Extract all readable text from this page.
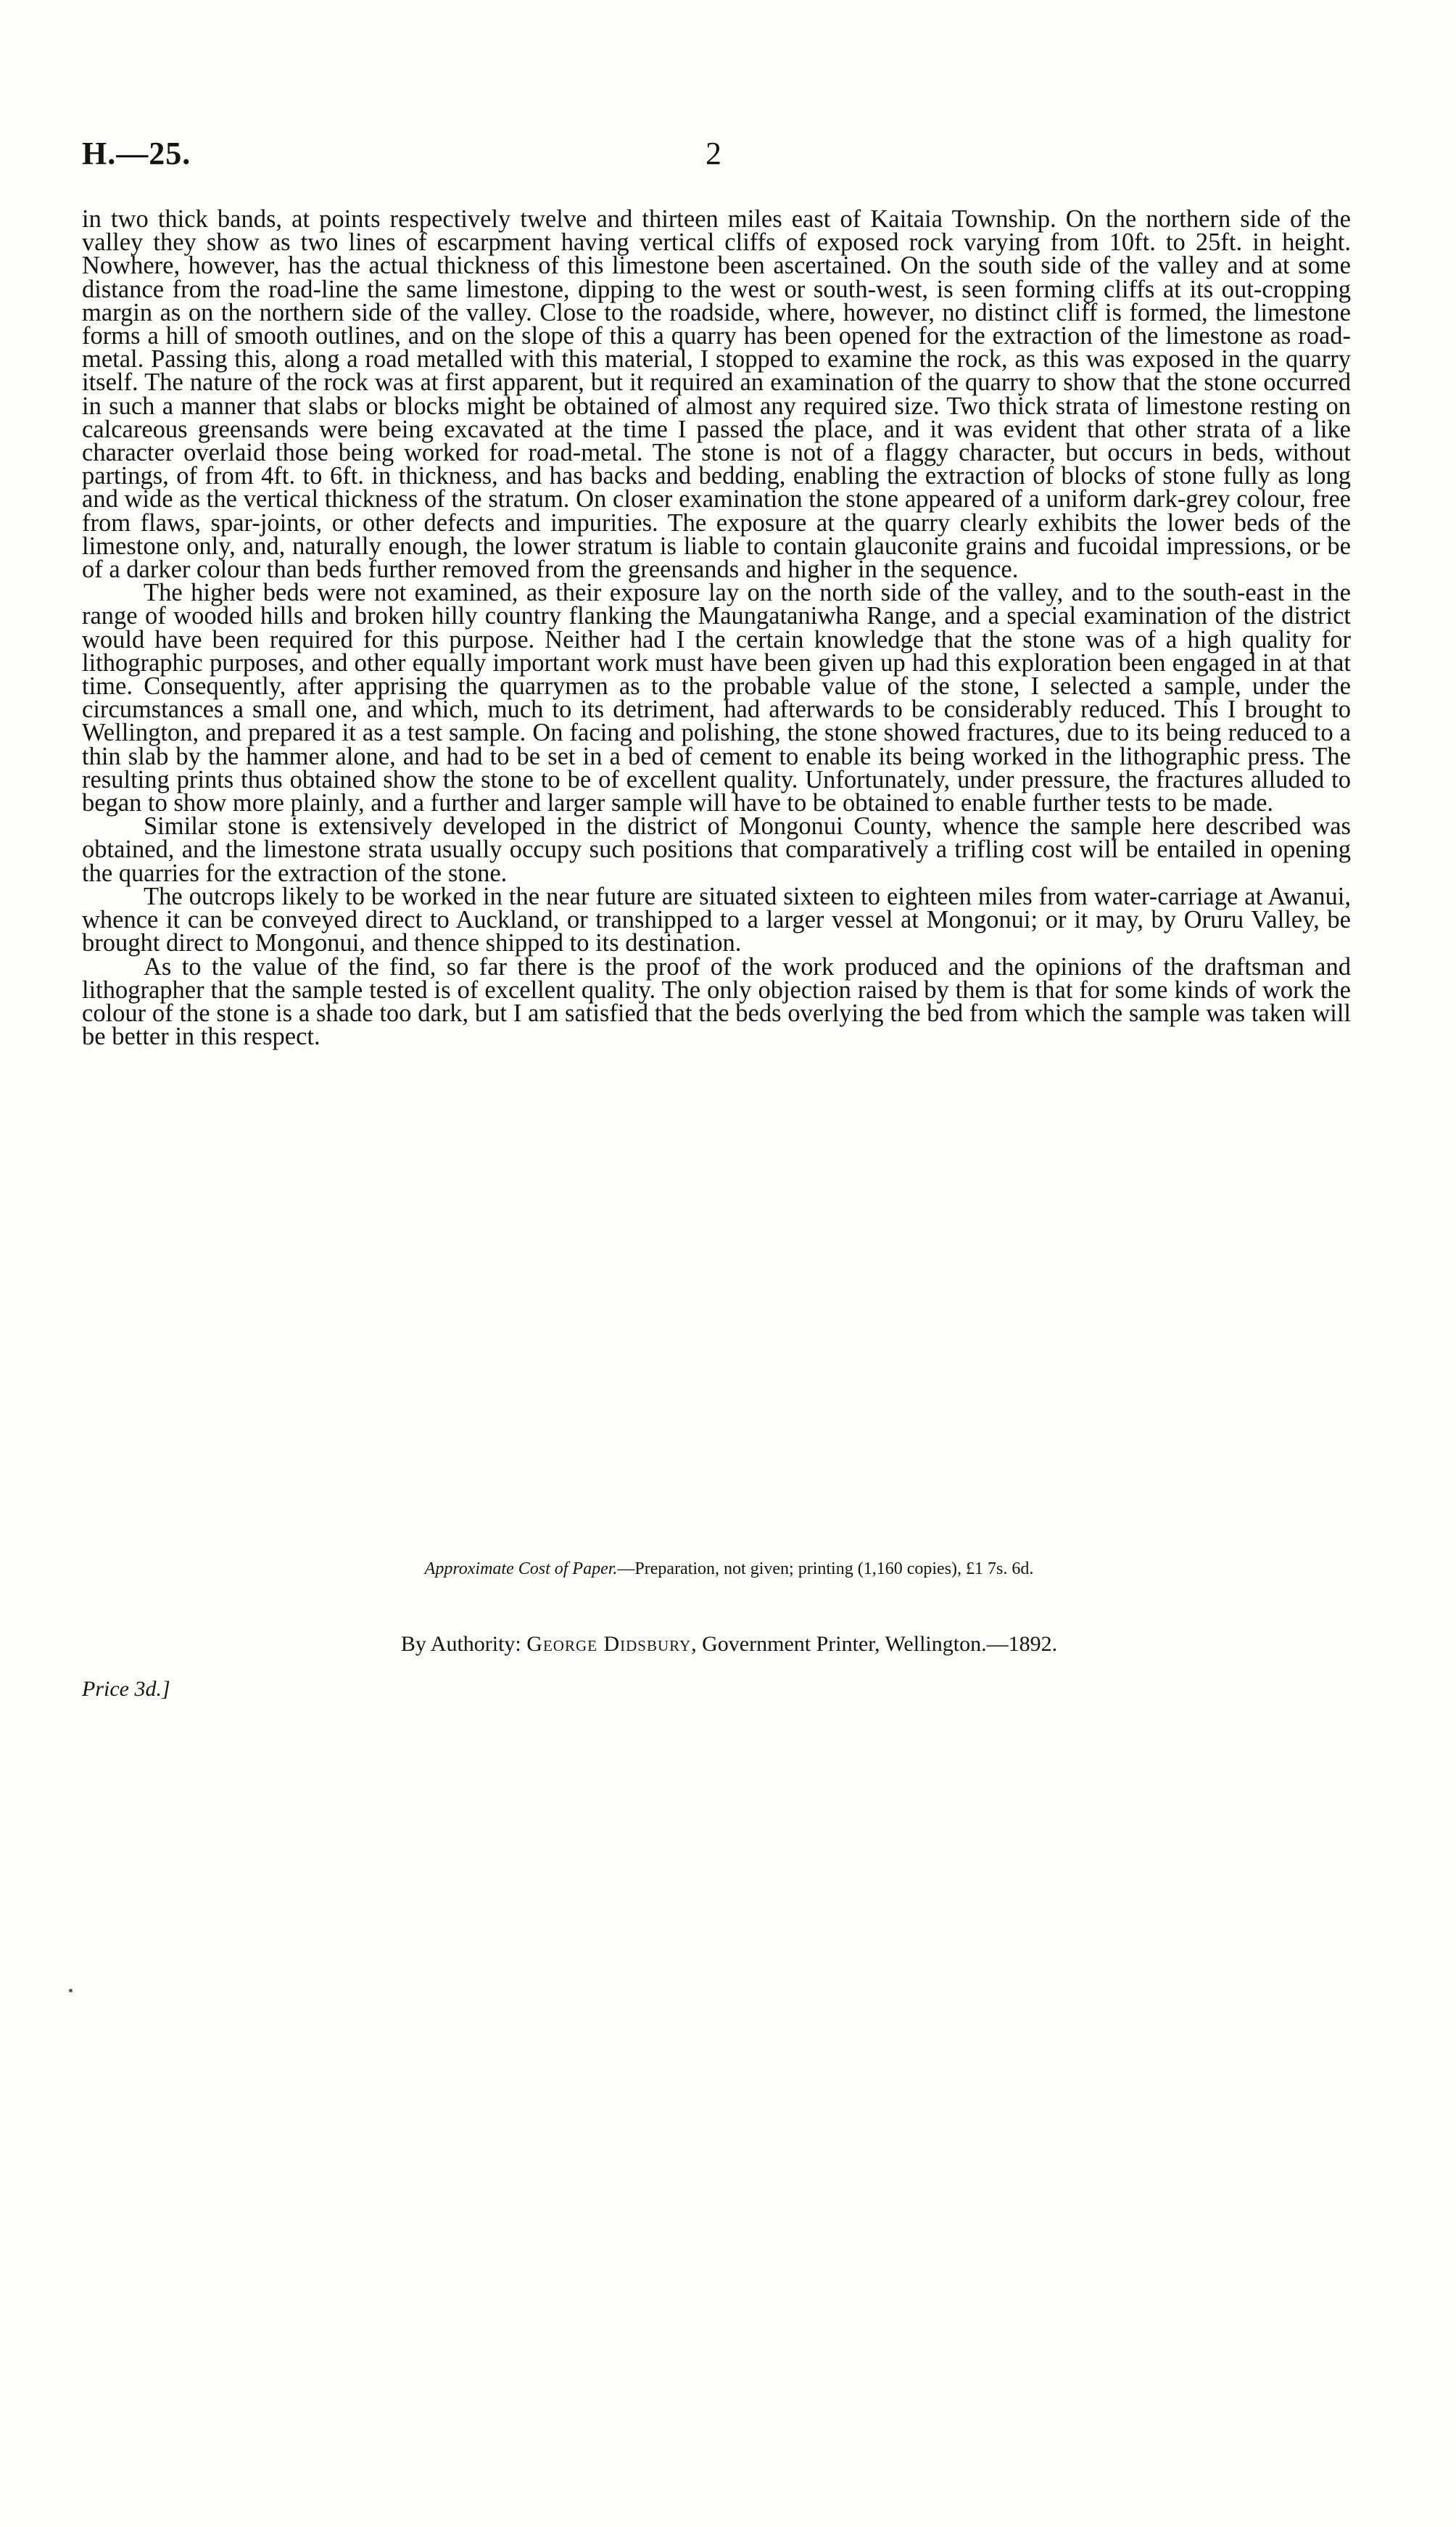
H.—25.	2

in two thick bands, at points respectively twelve and thirteen miles east of Kaitaia Township. On the northern side of the valley they show as two lines of escarpment having vertical cliffs of exposed rock varying from 10ft. to 25ft. in height. Nowhere, however, has the actual thickness of this limestone been ascertained. On the south side of the valley and at some distance from the road-line the same limestone, dipping to the west or south-west, is seen forming cliffs at its out-cropping margin as on the northern side of the valley. Close to the roadside, where, however, no distinct cliff is formed, the limestone forms a hill of smooth outlines, and on the slope of this a quarry has been opened for the extraction of the limestone as road-metal. Passing this, along a road metalled with this material, I stopped to examine the rock, as this was exposed in the quarry itself. The nature of the rock was at first apparent, but it required an examination of the quarry to show that the stone occurred in such a manner that slabs or blocks might be obtained of almost any required size. Two thick strata of limestone resting on calcareous greensands were being excavated at the time I passed the place, and it was evident that other strata of a like character overlaid those being worked for road-metal. The stone is not of a flaggy character, but occurs in beds, without partings, of from 4ft. to 6ft. in thickness, and has backs and bedding, enabling the extraction of blocks of stone fully as long and wide as the vertical thickness of the stratum. On closer examination the stone appeared of a uniform dark-grey colour, free from flaws, spar-joints, or other defects and impurities. The exposure at the quarry clearly exhibits the lower beds of the limestone only, and, naturally enough, the lower stratum is liable to contain glauconite grains and fucoidal impressions, or be of a darker colour than beds further removed from the greensands and higher in the sequence.

The higher beds were not examined, as their exposure lay on the north side of the valley, and to the south-east in the range of wooded hills and broken hilly country flanking the Maungataniwha Range, and a special examination of the district would have been required for this purpose. Neither had I the certain knowledge that the stone was of a high quality for lithographic purposes, and other equally important work must have been given up had this exploration been engaged in at that time. Consequently, after apprising the quarrymen as to the probable value of the stone, I selected a sample, under the circumstances a small one, and which, much to its detriment, had afterwards to be considerably reduced. This I brought to Wellington, and prepared it as a test sample. On facing and polishing, the stone showed fractures, due to its being reduced to a thin slab by the hammer alone, and had to be set in a bed of cement to enable its being worked in the lithographic press. The resulting prints thus obtained show the stone to be of excellent quality. Unfortunately, under pressure, the fractures alluded to began to show more plainly, and a further and larger sample will have to be obtained to enable further tests to be made.

Similar stone is extensively developed in the district of Mongonui County, whence the sample here described was obtained, and the limestone strata usually occupy such positions that comparatively a trifling cost will be entailed in opening the quarries for the extraction of the stone.

The outcrops likely to be worked in the near future are situated sixteen to eighteen miles from water-carriage at Awanui, whence it can be conveyed direct to Auckland, or transhipped to a larger vessel at Mongonui; or it may, by Oruru Valley, be brought direct to Mongonui, and thence shipped to its destination.

As to the value of the find, so far there is the proof of the work produced and the opinions of the draftsman and lithographer that the sample tested is of excellent quality. The only objection raised by them is that for some kinds of work the colour of the stone is a shade too dark, but I am satisfied that the beds overlying the bed from which the sample was taken will be better in this respect.

Approximate Cost of Paper.—Preparation, not given; printing (1,160 copies), £1 7s. 6d.
By Authority: George Didsbury, Government Printer, Wellington.—1892.
Price 3d.]
